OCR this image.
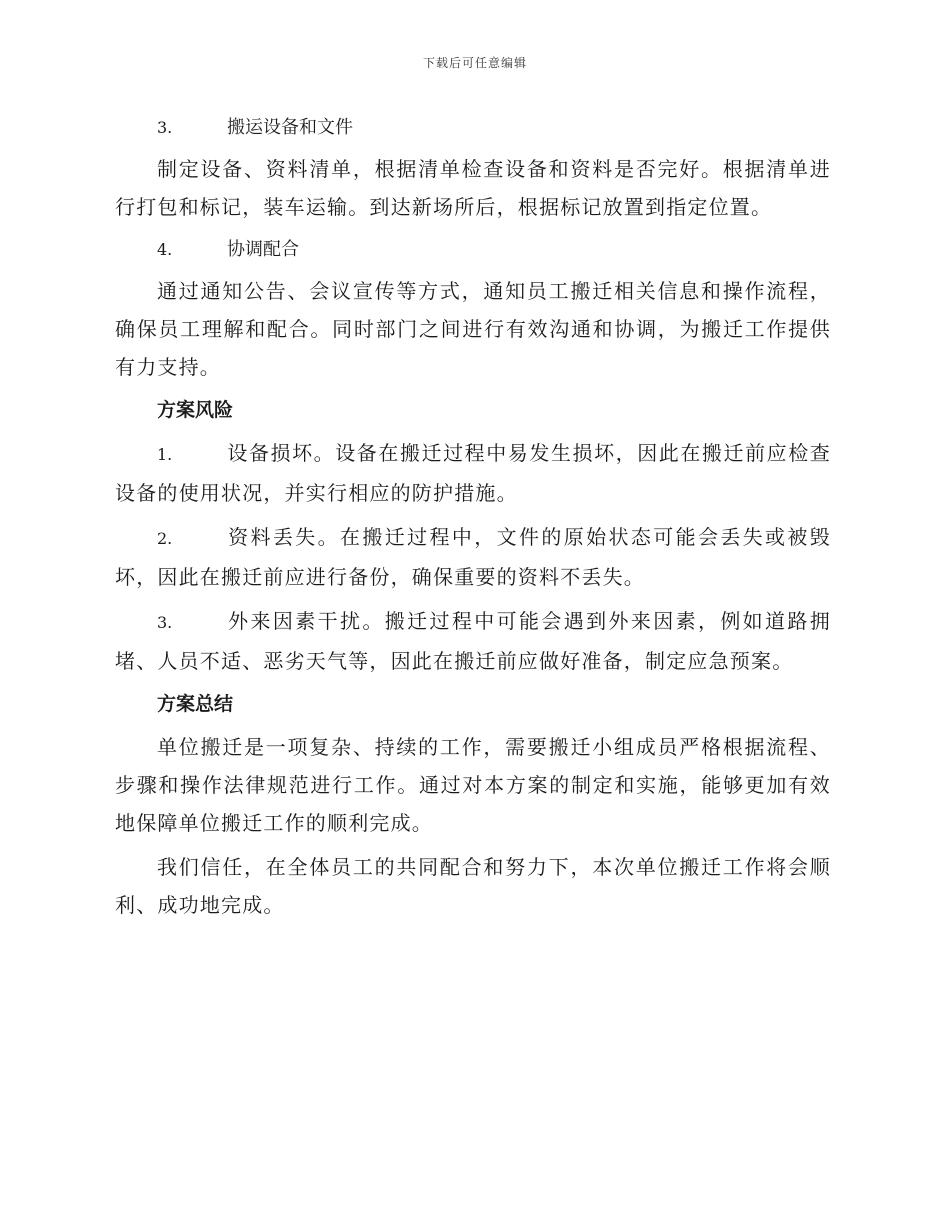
下载后可任意编辑
3.	搬运设备和文件

制定设备、资料清单，根据清单检查设备和资料是否完好。根据清单进行打包和标记，装车运输。到达新场所后，根据标记放置到指定位置。

4.	协调配合

通过通知公告、会议宣传等方式，通知员工搬迁相关信息和操作流程，确保员工理解和配合。同时部门之间进行有效沟通和协调，为搬迁工作提供有力支持。

方案风险

1.	设备损坏。设备在搬迁过程中易发生损坏，因此在搬迁前应检查设备的使用状况，并实行相应的防护措施。

2.	资料丢失。在搬迁过程中，文件的原始状态可能会丢失或被毁坏，因此在搬迁前应进行备份，确保重要的资料不丢失。

3.	外来因素干扰。搬迁过程中可能会遇到外来因素，例如道路拥堵、人员不适、恶劣天气等，因此在搬迁前应做好准备，制定应急预案。

方案总结

单位搬迁是一项复杂、持续的工作，需要搬迁小组成员严格根据流程、步骤和操作法律规范进行工作。通过对本方案的制定和实施，能够更加有效地保障单位搬迁工作的顺利完成。

我们信任，在全体员工的共同配合和努力下，本次单位搬迁工作将会顺利、成功地完成。
